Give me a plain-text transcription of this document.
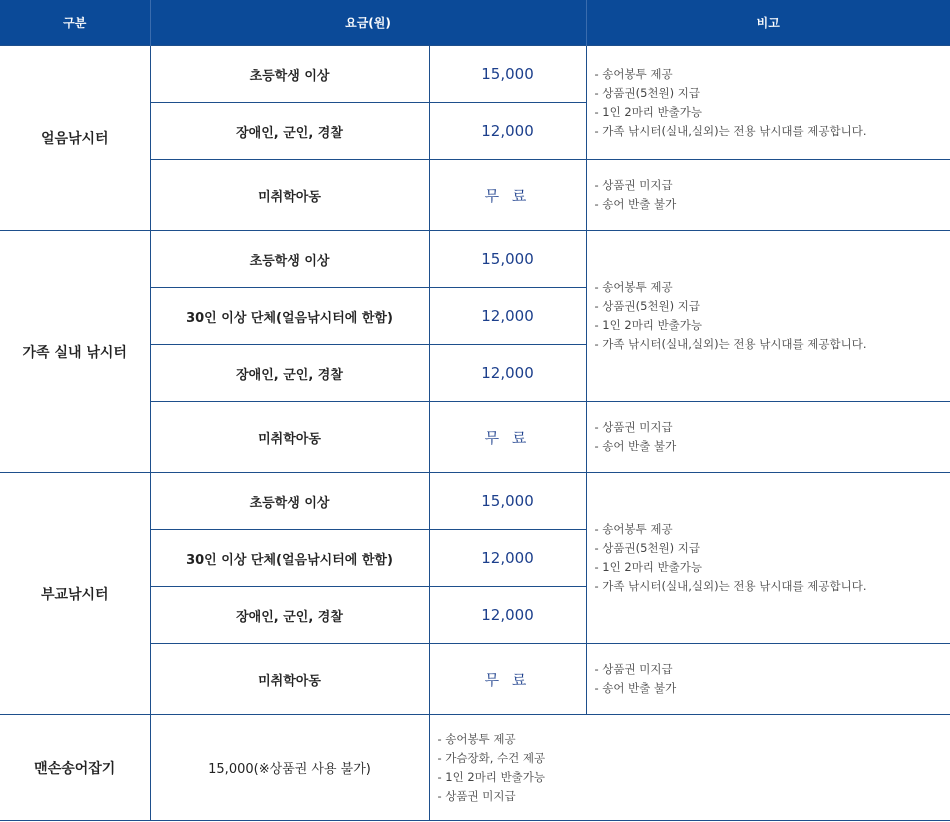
구분	요금(원)		비고
얼음낚시터	초등학생 이상	15,000	- 송어봉투 제공
- 상품권(5천원) 지급
- 1인 2마리 반출가능
- 가족 낚시터(실내,실외)는 전용 낚시대를 제공합니다.

	장애인, 군인, 경찰	12,000	
	미취학아동	무 료	- 상품권 미지급
- 송어 반출 불가

가족 실내 낚시터	초등학생 이상	15,000	- 송어봉투 제공
- 상품권(5천원) 지급
- 1인 2마리 반출가능
- 가족 낚시터(실내,실외)는 전용 낚시대를 제공합니다.

	30인 이상 단체(얼음낚시터에 한함)	12,000	
	장애인, 군인, 경찰	12,000	
	미취학아동	무 료	- 상품권 미지급
- 송어 반출 불가

부교낚시터	초등학생 이상	15,000	- 송어봉투 제공
- 상품권(5천원) 지급
- 1인 2마리 반출가능
- 가족 낚시터(실내,실외)는 전용 낚시대를 제공합니다.

	30인 이상 단체(얼음낚시터에 한함)	12,000	
	장애인, 군인, 경찰	12,000	
	미취학아동	무 료	- 상품권 미지급
- 송어 반출 불가

맨손송어잡기	15,000(※상품권 사용 불가)	- 송어봉투 제공
- 가슴장화, 수건 제공
- 1인 2마리 반출가능
- 상품권 미지급	
